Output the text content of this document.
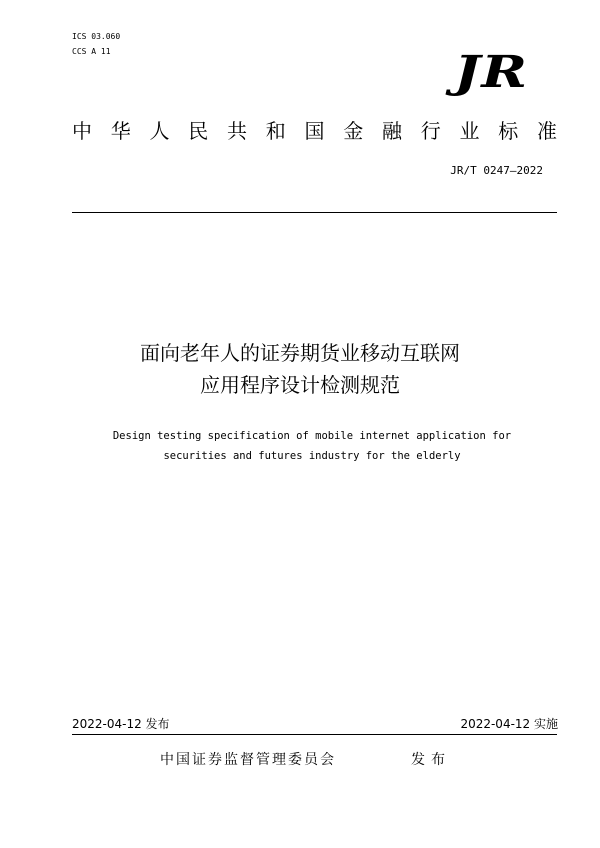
ICS 03.060
CCS A 11	JR
中 华 人 民 共 和 国 金 融 行 业 标 准
JR/T 0247—2022
面向老年人的证券期货业移动互联网
应用程序设计检测规范
Design testing specification of mobile internet application for
securities and futures industry for the elderly
2022-04-12 发布	2022-04-12 实施
中国证券监督管理委员会	发布
